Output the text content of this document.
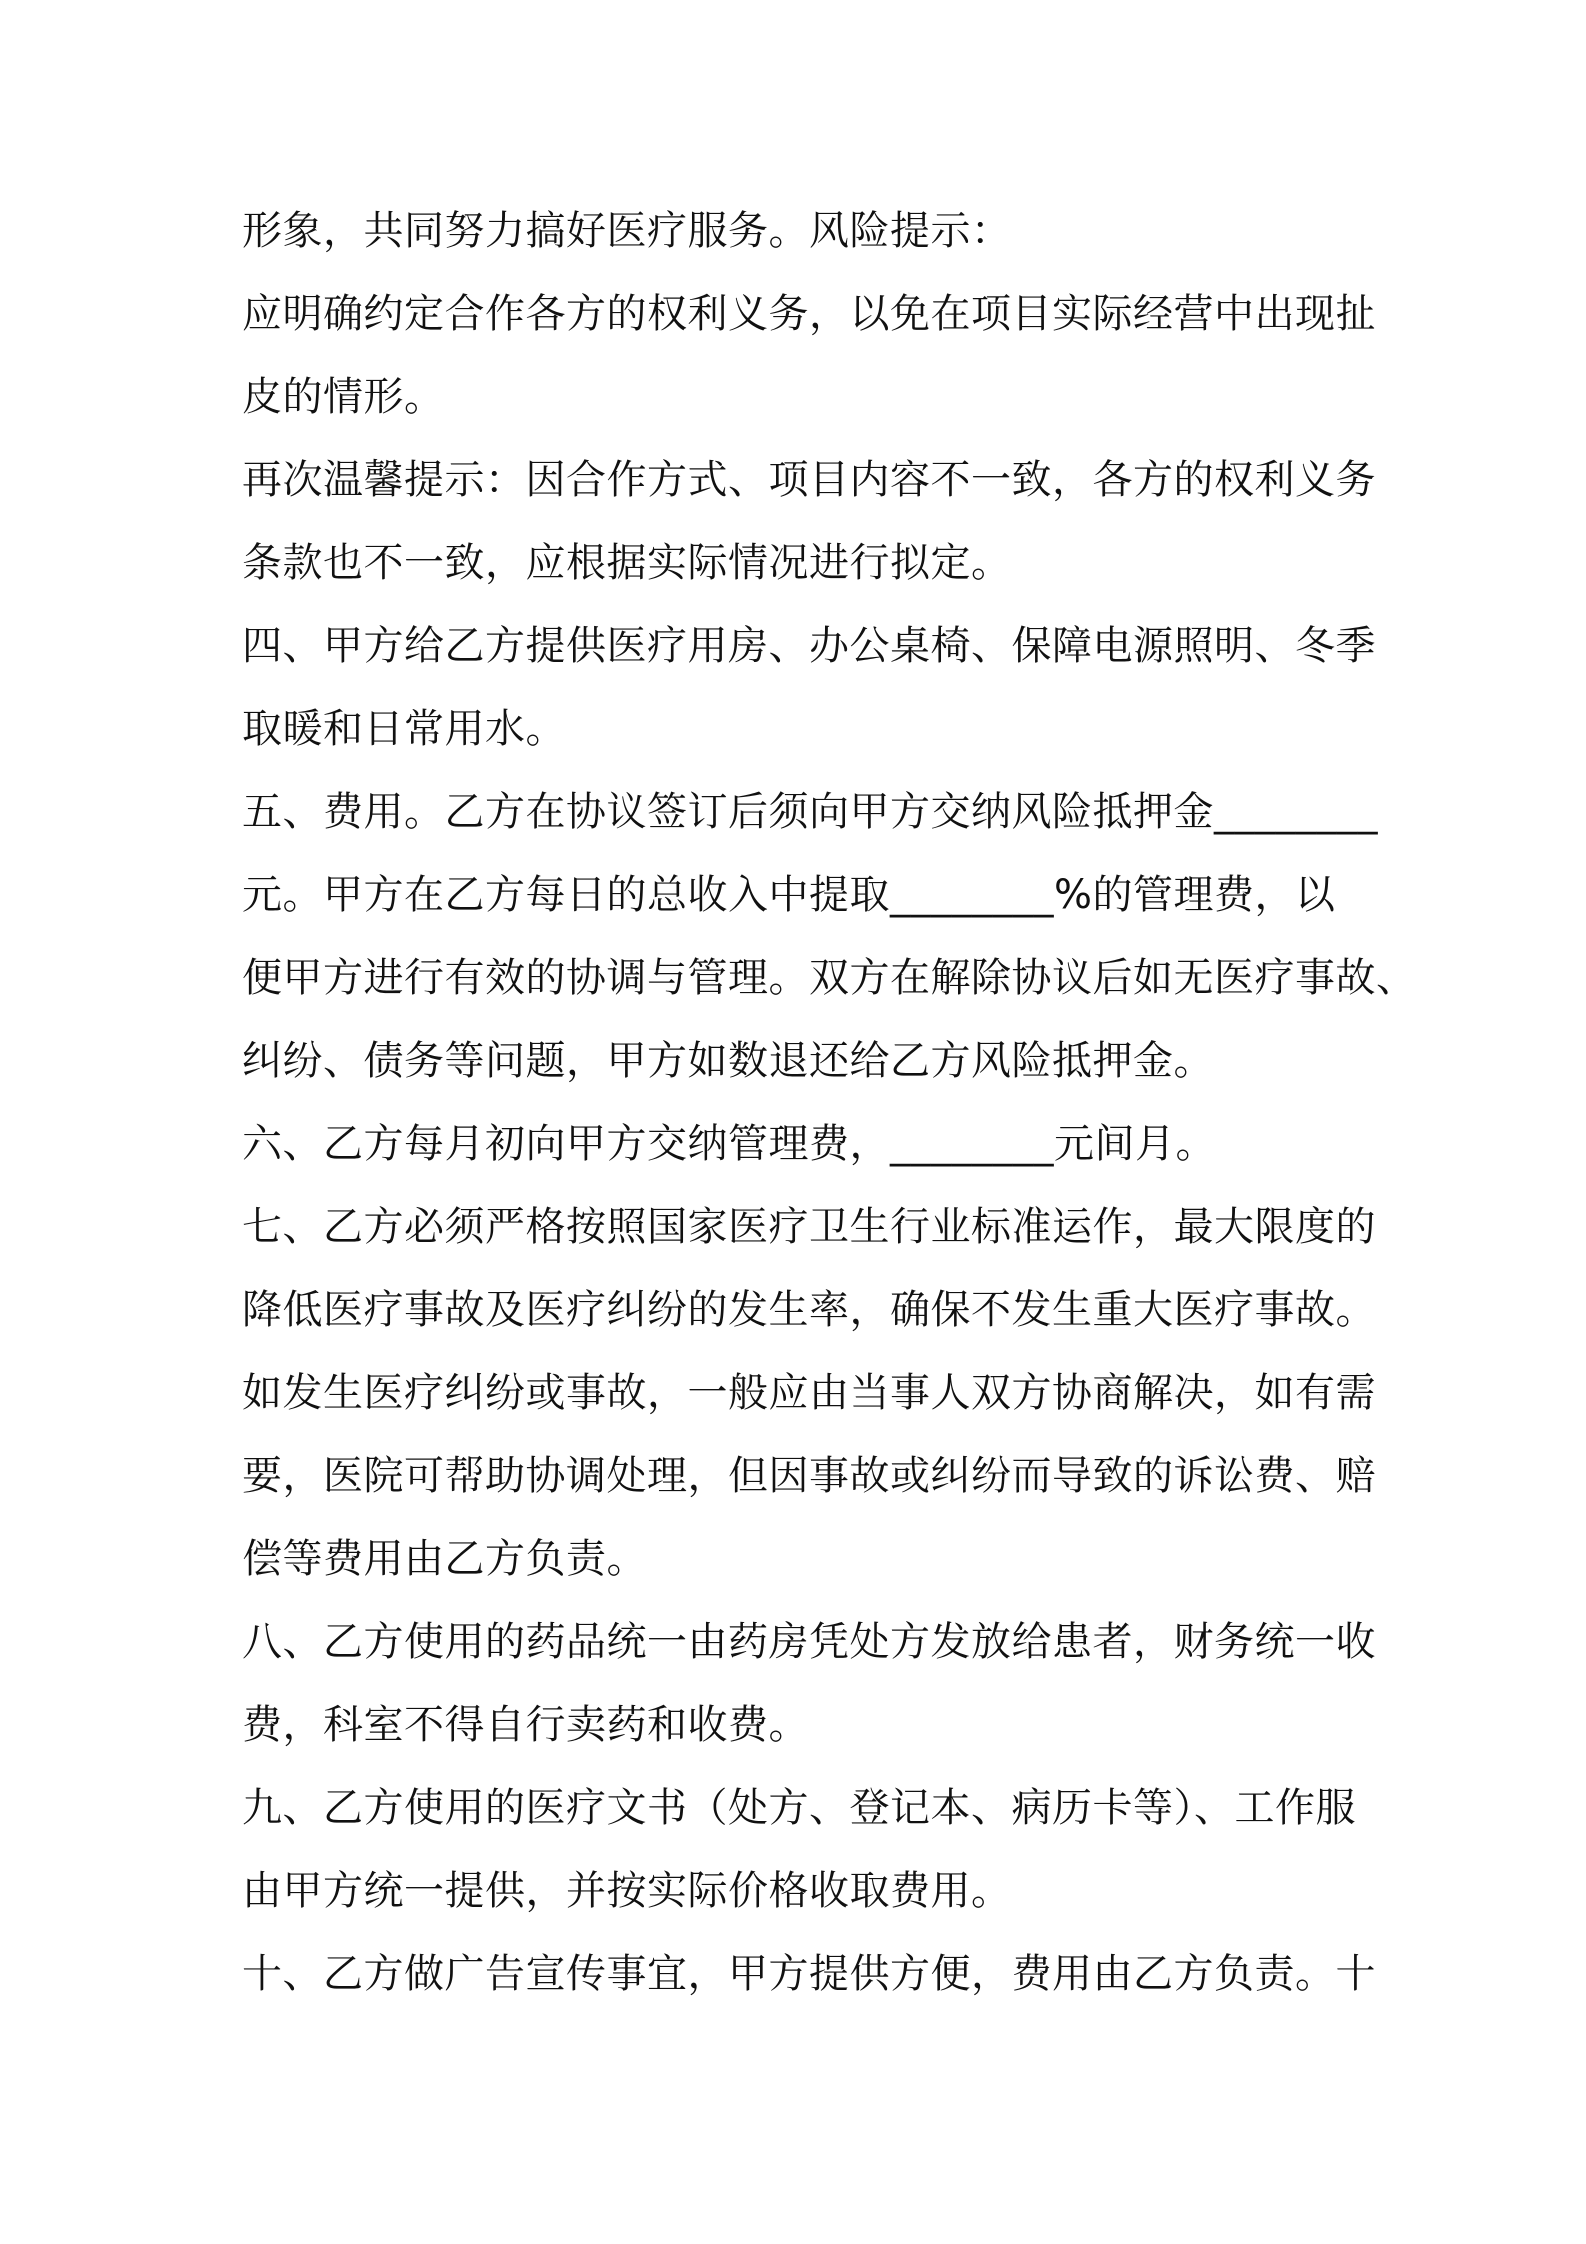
形象，共同努力搞好医疗服务。风险提示：
应明确约定合作各方的权利义务，以免在项目实际经营中出现扯
皮的情形。
再次温馨提示：因合作方式、项目内容不一致，各方的权利义务
条款也不一致，应根据实际情况进行拟定。
四、甲方给乙方提供医疗用房、办公桌椅、保障电源照明、冬季
取暖和日常用水。
五、费用。乙方在协议签订后须向甲方交纳风险抵押金________
元。甲方在乙方每日的总收入中提取________%的管理费，以
便甲方进行有效的协调与管理。双方在解除协议后如无医疗事故、
纠纷、债务等问题，甲方如数退还给乙方风险抵押金。
六、乙方每月初向甲方交纳管理费，________元间月。
七、乙方必须严格按照国家医疗卫生行业标准运作，最大限度的
降低医疗事故及医疗纠纷的发生率，确保不发生重大医疗事故。
如发生医疗纠纷或事故，一般应由当事人双方协商解决，如有需
要，医院可帮助协调处理，但因事故或纠纷而导致的诉讼费、赔
偿等费用由乙方负责。
八、乙方使用的药品统一由药房凭处方发放给患者，财务统一收
费，科室不得自行卖药和收费。
九、乙方使用的医疗文书（处方、登记本、病历卡等）、工作服
由甲方统一提供，并按实际价格收取费用。
十、乙方做广告宣传事宜，甲方提供方便，费用由乙方负责。十
